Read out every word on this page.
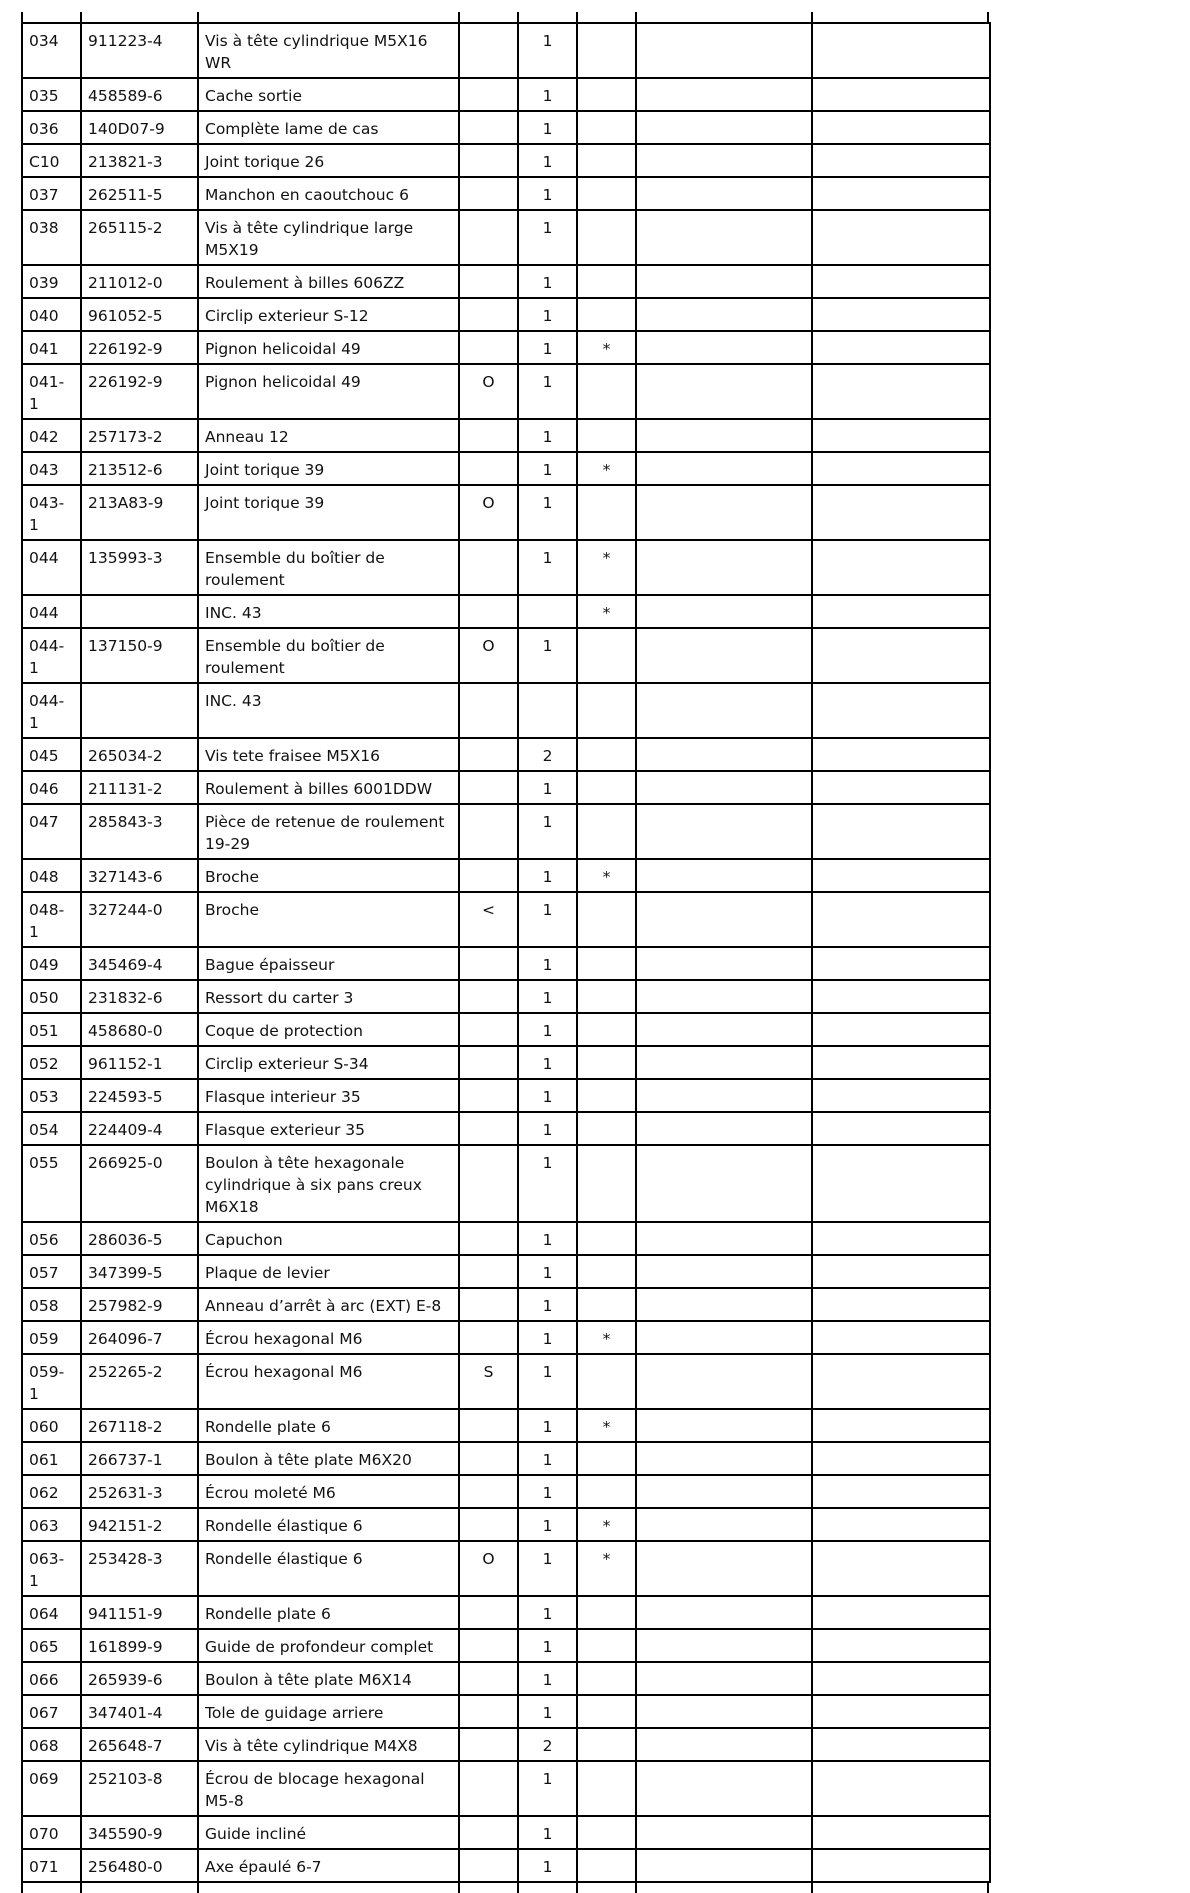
034	911223-4	Vis à tête cylindrique M5X16 WR		1			
035	458589-6	Cache sortie		1			
036	140D07-9	Complète lame de cas		1			
C10	213821-3	Joint torique 26		1			
037	262511-5	Manchon en caoutchouc 6		1			
038	265115-2	Vis à tête cylindrique large M5X19		1			
039	211012-0	Roulement à billes 606ZZ		1			
040	961052-5	Circlip exterieur S-12		1			
041	226192-9	Pignon helicoidal 49		1	*		
041-1	226192-9	Pignon helicoidal 49	O	1			
042	257173-2	Anneau 12		1			
043	213512-6	Joint torique 39		1	*		
043-1	213A83-9	Joint torique 39	O	1			
044	135993-3	Ensemble du boîtier de roulement		1	*		
044		INC. 43			*		
044-1	137150-9	Ensemble du boîtier de roulement	O	1			
044-1		INC. 43					
045	265034-2	Vis tete fraisee M5X16		2			
046	211131-2	Roulement à billes 6001DDW		1			
047	285843-3	Pièce de retenue de roulement 19-29		1			
048	327143-6	Broche		1	*		
048-1	327244-0	Broche	<	1			
049	345469-4	Bague épaisseur		1			
050	231832-6	Ressort du carter 3		1			
051	458680-0	Coque de protection		1			
052	961152-1	Circlip exterieur S-34		1			
053	224593-5	Flasque interieur 35		1			
054	224409-4	Flasque exterieur 35		1			
055	266925-0	Boulon à tête hexagonale cylindrique à six pans creux M6X18		1			
056	286036-5	Capuchon		1			
057	347399-5	Plaque de levier		1			
058	257982-9	Anneau d’arrêt à arc (EXT) E-8		1			
059	264096-7	Écrou hexagonal M6		1	*		
059-1	252265-2	Écrou hexagonal M6	S	1			
060	267118-2	Rondelle plate 6		1	*		
061	266737-1	Boulon à tête plate M6X20		1			
062	252631-3	Écrou moleté M6		1			
063	942151-2	Rondelle élastique 6		1	*		
063-1	253428-3	Rondelle élastique 6	O	1	*		
064	941151-9	Rondelle plate 6		1			
065	161899-9	Guide de profondeur complet		1			
066	265939-6	Boulon à tête plate M6X14		1			
067	347401-4	Tole de guidage arriere		1			
068	265648-7	Vis à tête cylindrique M4X8		2			
069	252103-8	Écrou de blocage hexagonal M5-8		1			
070	345590-9	Guide incliné		1			
071	256480-0	Axe épaulé 6-7		1			
